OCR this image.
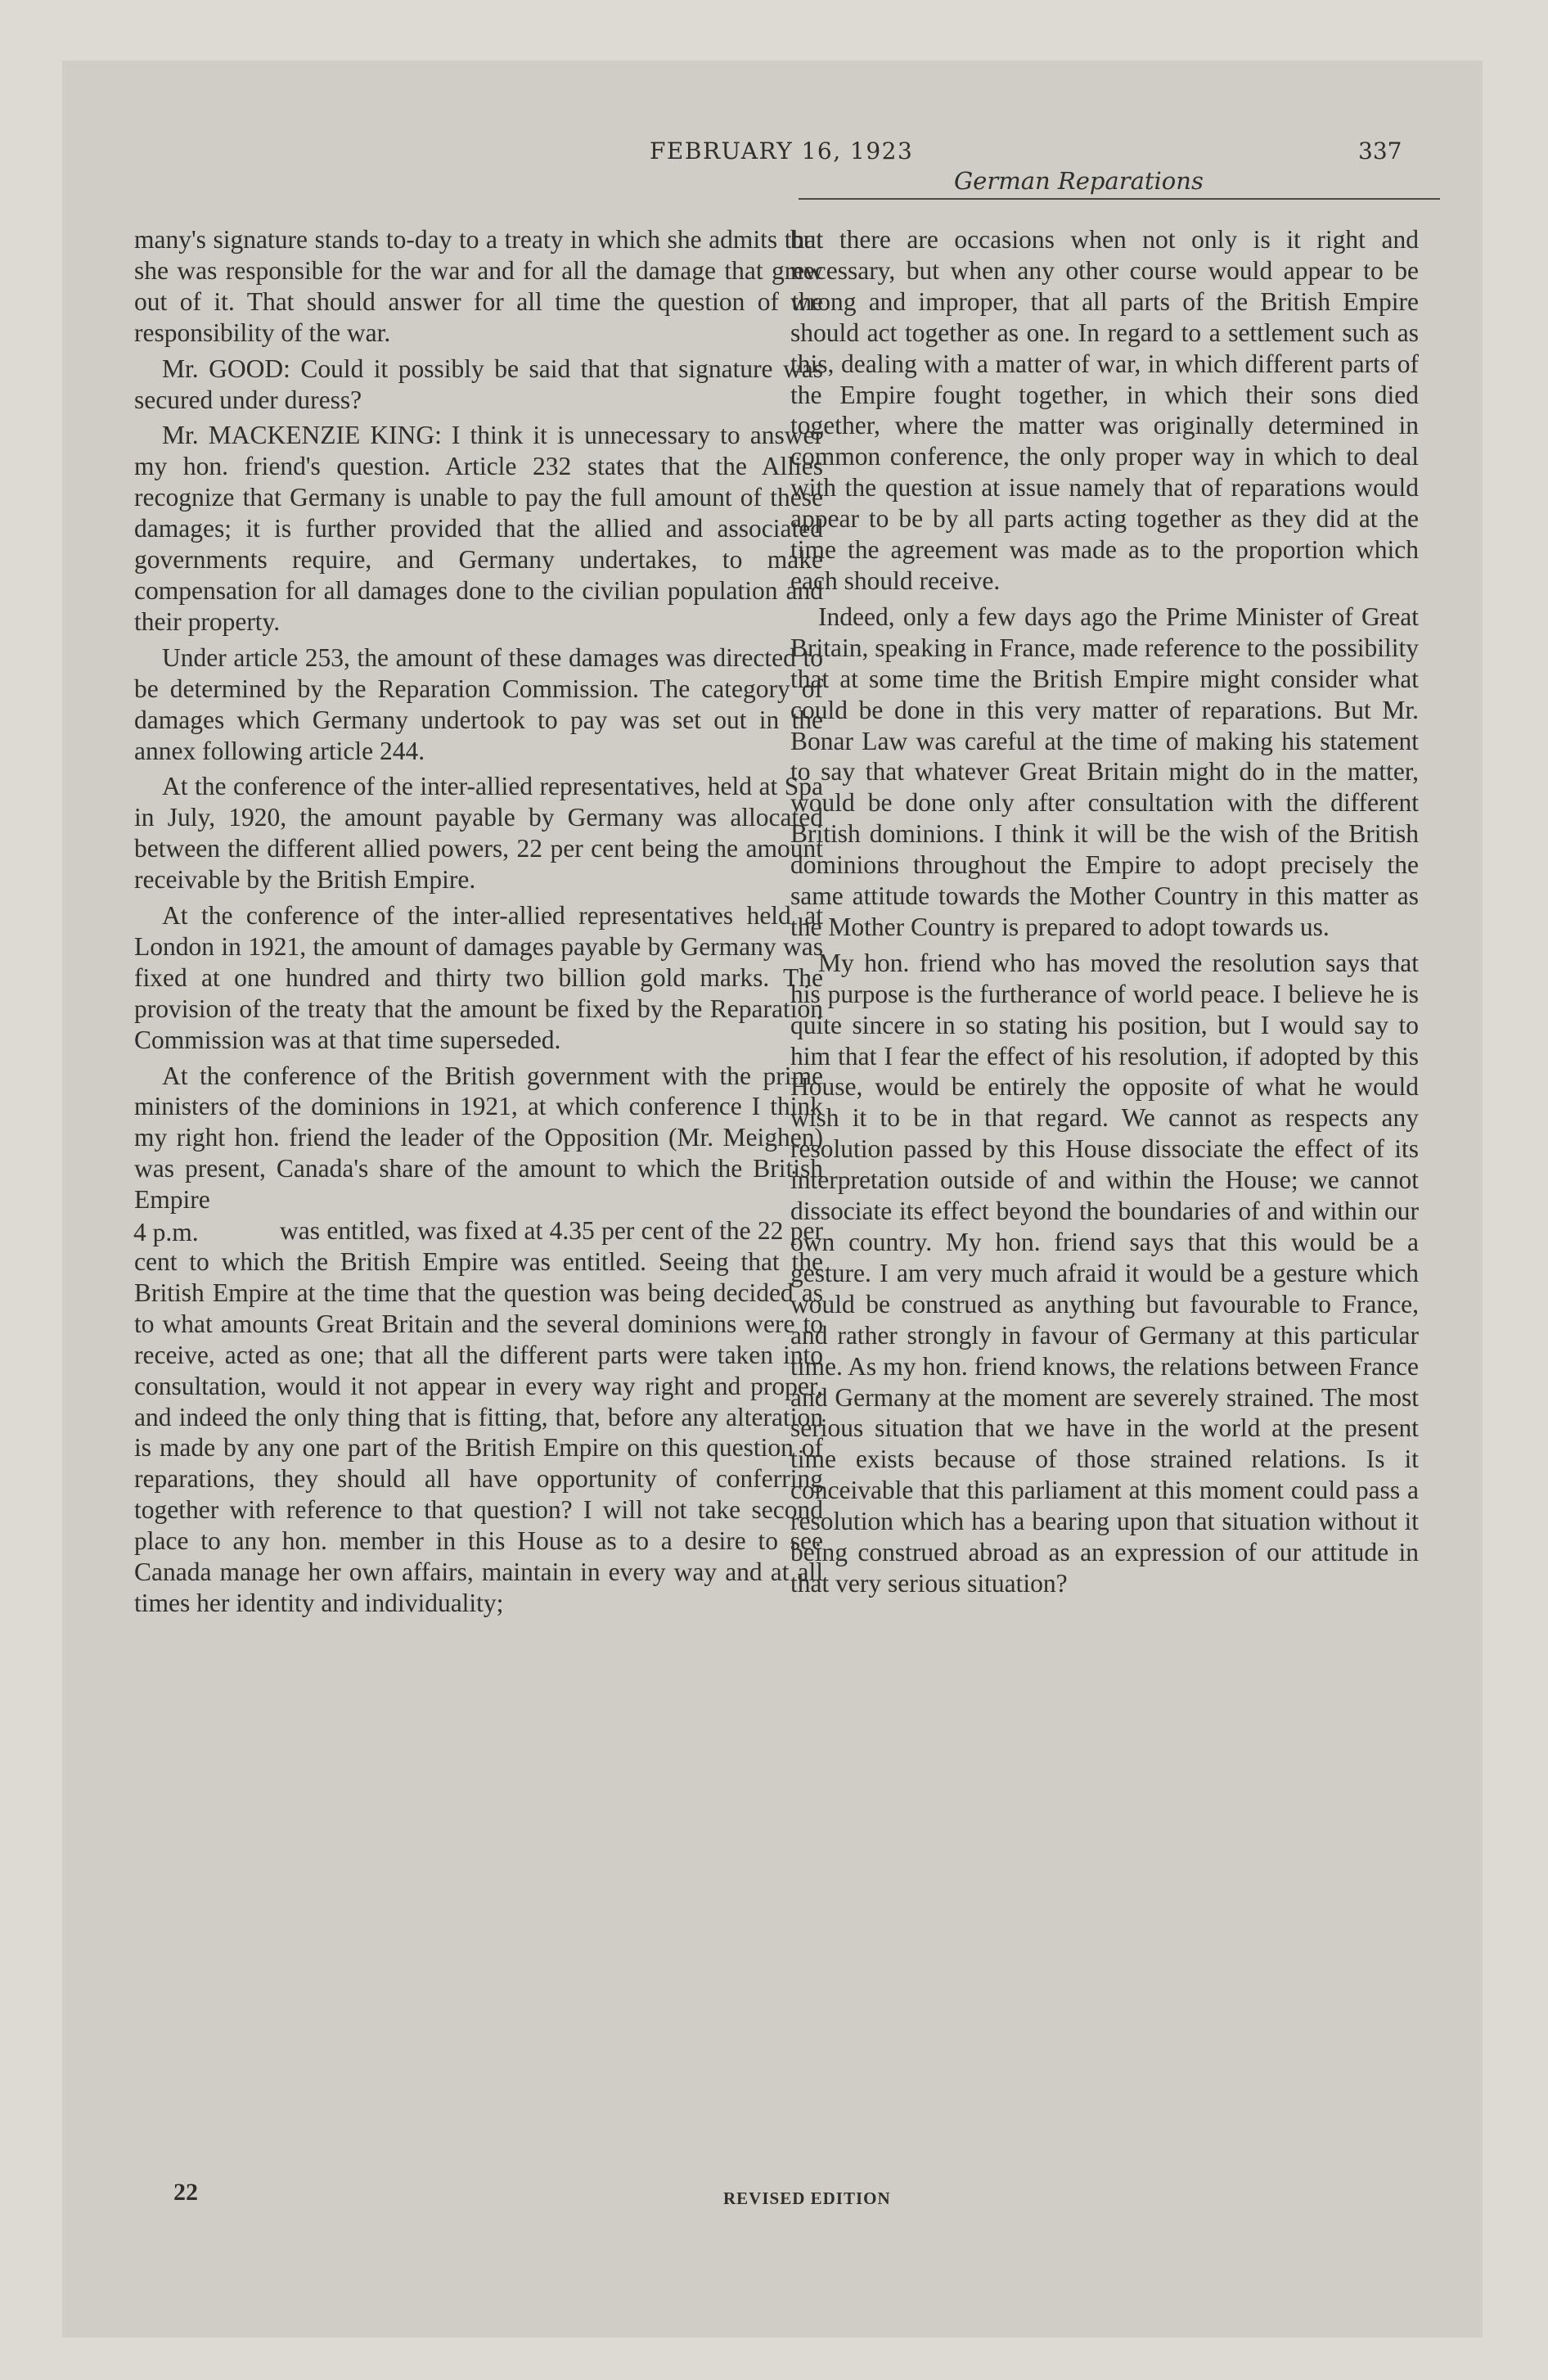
FEBRUARY 16, 1923
German Reparations
337

many's signature stands to-day to a treaty in which she admits that she was responsible for the war and for all the damage that grew out of it. That should answer for all time the question of the responsibility of the war.

Mr. GOOD: Could it possibly be said that that signature was secured under duress?

Mr. MACKENZIE KING: I think it is unnecessary to answer my hon. friend's question. Article 232 states that the Allies recognize that Germany is unable to pay the full amount of these damages; it is further provided that the allied and associated governments require, and Germany undertakes, to make compensation for all damages done to the civilian population and their property.

Under article 253, the amount of these damages was directed to be determined by the Reparation Commission. The category of damages which Germany undertook to pay was set out in the annex following article 244.

At the conference of the inter-allied representatives, held at Spa in July, 1920, the amount payable by Germany was allocated between the different allied powers, 22 per cent being the amount receivable by the British Empire.

At the conference of the inter-allied representatives held at London in 1921, the amount of damages payable by Germany was fixed at one hundred and thirty two billion gold marks. The provision of the treaty that the amount be fixed by the Reparation Commission was at that time superseded.

At the conference of the British government with the prime ministers of the dominions in 1921, at which conference I think my right hon. friend the leader of the Opposition (Mr. Meighen) was present, Canada's share of the amount to which the British Empire

4 p.m.	was entitled, was fixed at 4.35 per cent of the 22 per cent to which the British Empire was entitled. Seeing that the British Empire at the time that the question was being decided as to what amounts Great Britain and the several dominions were to receive, acted as one; that all the different parts were taken into consultation, would it not appear in every way right and proper, and indeed the only thing that is fitting, that, before any alteration is made by any one part of the British Empire on this question of reparations, they should all have opportunity of conferring together with reference to that question? I will not take second place to any hon. member in this House as to a desire to see Canada manage her own affairs, maintain in every way and at all times her identity and individuality;

but there are occasions when not only is it right and necessary, but when any other course would appear to be wrong and improper, that all parts of the British Empire should act together as one. In regard to a settlement such as this, dealing with a matter of war, in which different parts of the Empire fought together, in which their sons died together, where the matter was originally determined in common conference, the only proper way in which to deal with the question at issue namely that of reparations would appear to be by all parts acting together as they did at the time the agreement was made as to the proportion which each should receive.

Indeed, only a few days ago the Prime Minister of Great Britain, speaking in France, made reference to the possibility that at some time the British Empire might consider what could be done in this very matter of reparations. But Mr. Bonar Law was careful at the time of making his statement to say that whatever Great Britain might do in the matter, would be done only after consultation with the different British dominions. I think it will be the wish of the British dominions throughout the Empire to adopt precisely the same attitude towards the Mother Country in this matter as the Mother Country is prepared to adopt towards us.

My hon. friend who has moved the resolution says that his purpose is the furtherance of world peace. I believe he is quite sincere in so stating his position, but I would say to him that I fear the effect of his resolution, if adopted by this House, would be entirely the opposite of what he would wish it to be in that regard. We cannot as respects any resolution passed by this House dissociate the effect of its interpretation outside of and within the House; we cannot dissociate its effect beyond the boundaries of and within our own country. My hon. friend says that this would be a gesture. I am very much afraid it would be a gesture which would be construed as anything but favourable to France, and rather strongly in favour of Germany at this particular time. As my hon. friend knows, the relations between France and Germany at the moment are severely strained. The most serious situation that we have in the world at the present time exists because of those strained relations. Is it conceivable that this parliament at this moment could pass a resolution which has a bearing upon that situation without it being construed abroad as an expression of our attitude in that very serious situation?

22	REVISED EDITION
